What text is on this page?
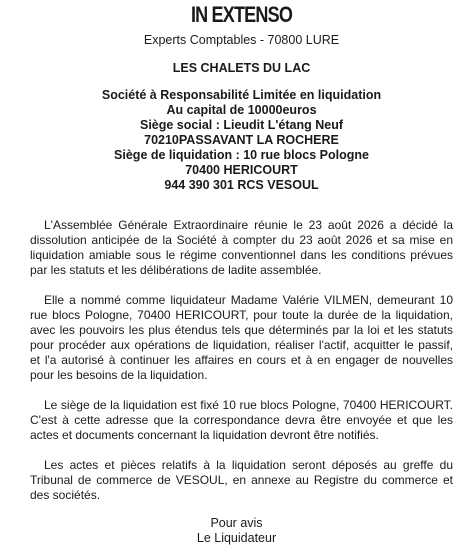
IN EXTENSO
Experts Comptables - 70800 LURE
LES CHALETS DU LAC
Société à Responsabilité Limitée en liquidation
Au capital de 10000euros
Siège social : Lieudit L'étang Neuf
70210PASSAVANT LA ROCHERE
Siège de liquidation : 10 rue blocs Pologne
70400 HERICOURT
944 390 301 RCS VESOUL

L'Assemblée Générale Extraordinaire réunie le 23 août 2026 a décidé la dissolution anticipée de la Société à compter du 23 août 2026 et sa mise en liquidation amiable sous le régime conventionnel dans les conditions prévues par les statuts et les délibérations de ladite assemblée.

Elle a nommé comme liquidateur Madame Valérie VILMEN, demeurant 10 rue blocs Pologne, 70400 HERICOURT, pour toute la durée de la liquidation, avec les pouvoirs les plus étendus tels que déterminés par la loi et les statuts pour procéder aux opérations de liquidation, réaliser l'actif, acquitter le passif, et l'a autorisé à continuer les affaires en cours et à en engager de nouvelles pour les besoins de la liquidation.

Le siège de la liquidation est fixé 10 rue blocs Pologne, 70400 HERICOURT. C'est à cette adresse que la correspondance devra être envoyée et que les actes et documents concernant la liquidation devront être notifiés.

Les actes et pièces relatifs à la liquidation seront déposés au greffe du Tribunal de commerce de VESOUL, en annexe au Registre du commerce et des sociétés.

Pour avis
Le Liquidateur
